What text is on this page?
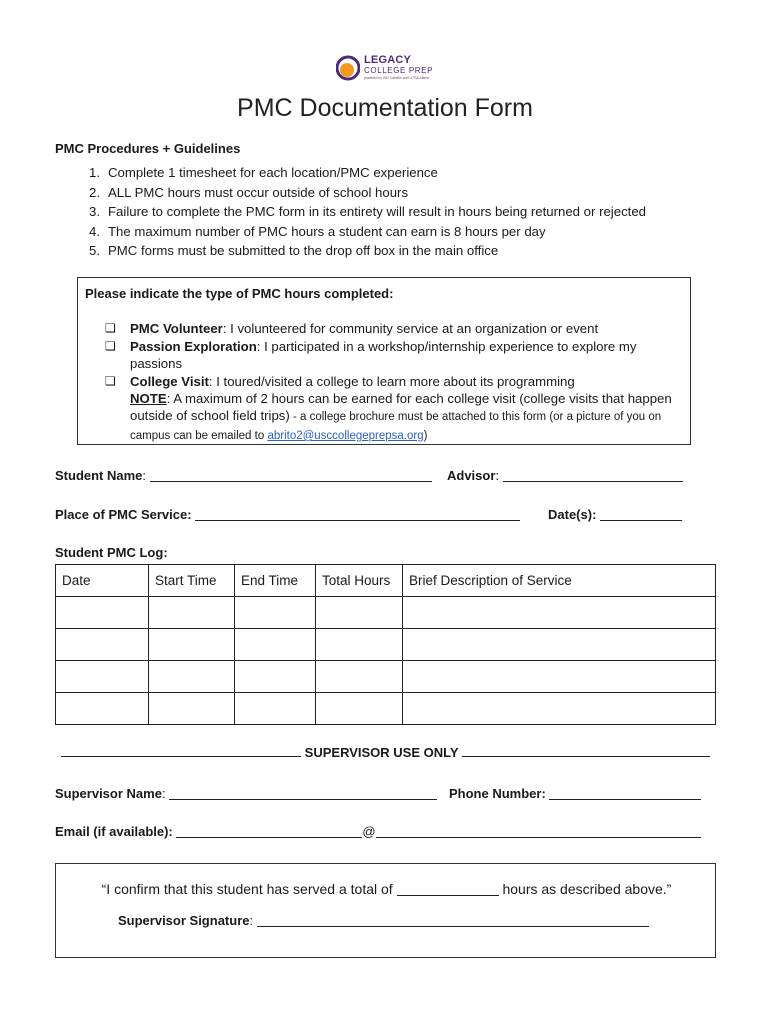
LEGACY
COLLEGE PREP
powered by ISD Cabello and UTSA Alamo
PMC Documentation Form
PMC Procedures + Guidelines
1. Complete 1 timesheet for each location/PMC experience
2. ALL PMC hours must occur outside of school hours
3. Failure to complete the PMC form in its entirety will result in hours being returned or rejected
4. The maximum number of PMC hours a student can earn is 8 hours per day
5. PMC forms must be submitted to the drop off box in the main office
Please indicate the type of PMC hours completed:
❏ PMC Volunteer: I volunteered for community service at an organization or event
❏ Passion Exploration: I participated in a workshop/internship experience to explore my passions
❏ College Visit: I toured/visited a college to learn more about its programming
NOTE: A maximum of 2 hours can be earned for each college visit (college visits that happen outside of school field trips) - a college brochure must be attached to this form (or a picture of you on campus can be emailed to abrito2@usccollegeprepsa.org)
Student Name:	Advisor:
Place of PMC Service:	Date(s):
Student PMC Log:
Date	Start Time	End Time	Total Hours	Brief Description of Service

SUPERVISOR USE ONLY
Supervisor Name:	Phone Number:
Email (if available):	@
“I confirm that this student has served a total of	hours as described above.”
Supervisor Signature:
